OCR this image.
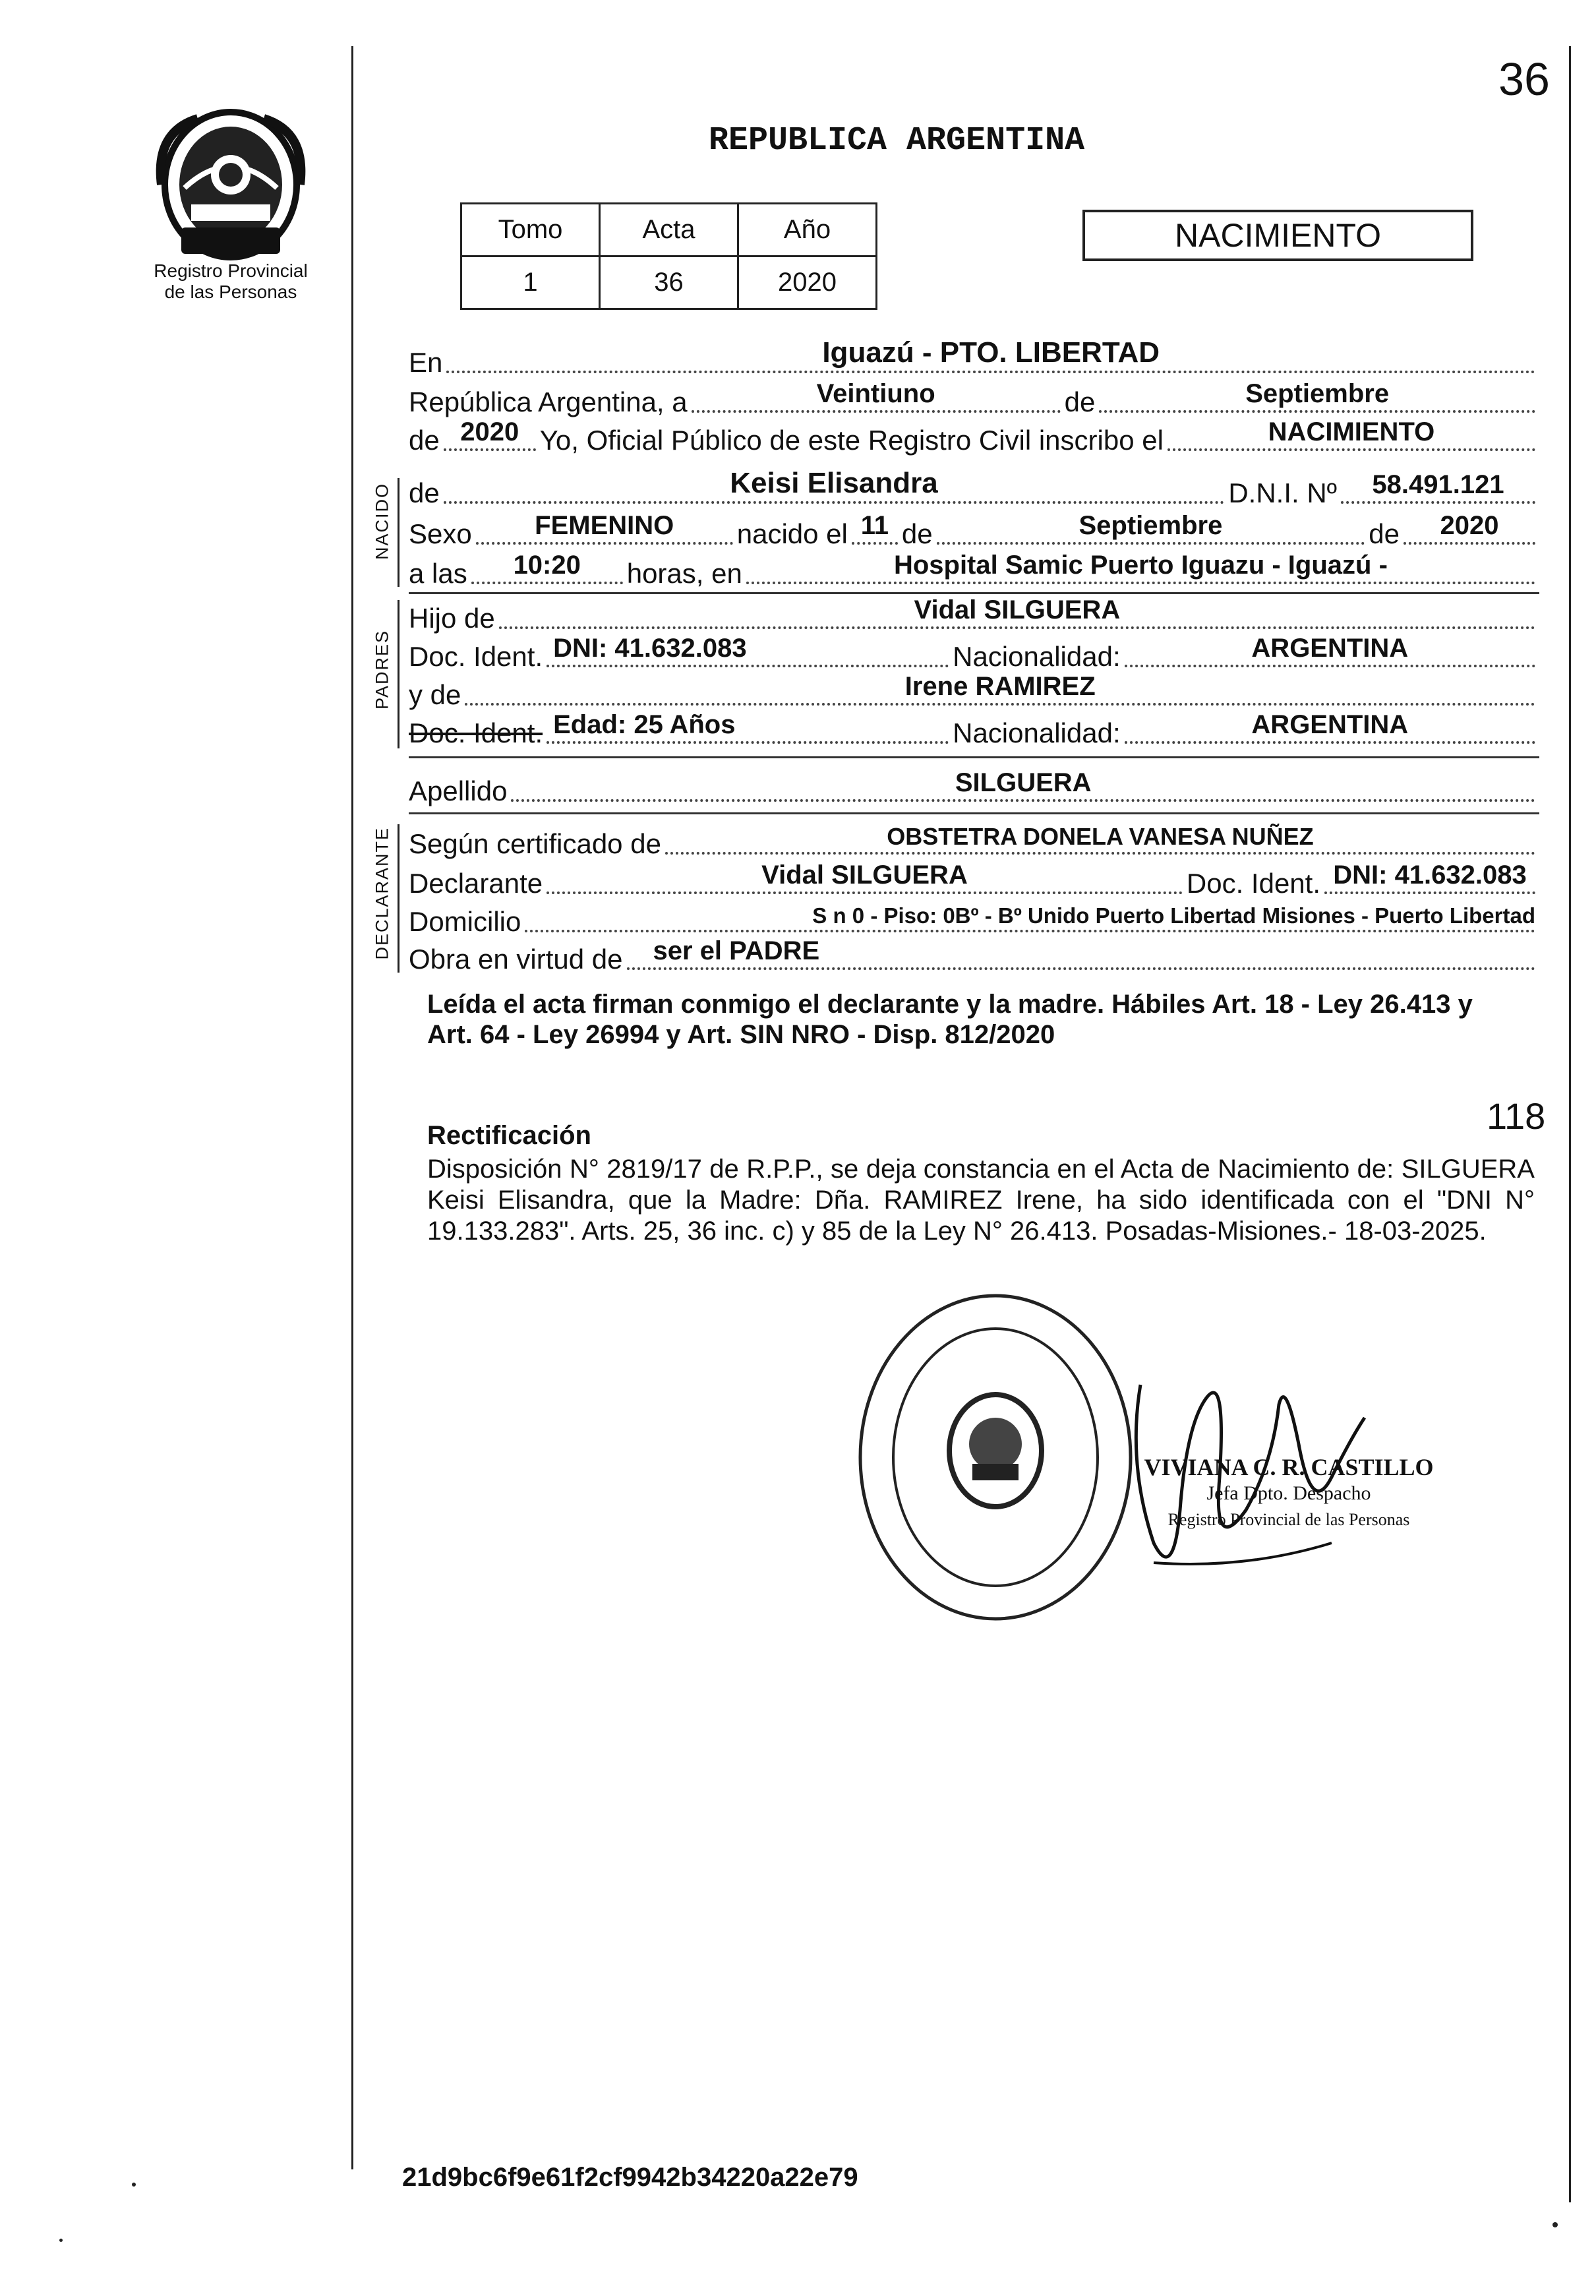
36
Registro Provincial
de las Personas
REPUBLICA ARGENTINA
Tomo	Acta	Año
1	36	2020
NACIMIENTO
En	Iguazú - PTO. LIBERTAD
República Argentina, a	Veintiuno	de	Septiembre
de 2020 Yo, Oficial Público de este Registro Civil inscribo el	NACIMIENTO
NACIDO de	Keisi Elisandra	D.N.I. Nº 58.491.121
Sexo FEMENINO nacido el 11 de	Septiembre	de 2020
a las 10:20 horas, en	Hospital Samic Puerto Iguazu - Iguazú -
PADRES
Hijo de	Vidal SILGUERA
Doc. Ident. DNI: 41.632.083	Nacionalidad:	ARGENTINA
y de	Irene RAMIREZ
Doc. Ident. Edad: 25 Años	Nacionalidad:	ARGENTINA
Apellido	SILGUERA
DECLARANTE Según certificado de	OBSTETRA DONELA VANESA NUÑEZ
Declarante	Vidal SILGUERA	Doc. Ident. DNI: 41.632.083
Domicilio	S n 0 - Piso: 0Bº - Bº Unido Puerto Libertad Misiones - Puerto Libertad
Obra en virtud de ser el PADRE
Leída el acta firman conmigo el declarante y la madre. Hábiles Art. 18 - Ley 26.413 y Art. 64 - Ley 26994 y Art. SIN NRO - Disp. 812/2020
118
Rectificación
Disposición N° 2819/17 de R.P.P., se deja constancia en el Acta de Nacimiento de: SILGUERA Keisi Elisandra, que la Madre: Dña. RAMIREZ Irene, ha sido identificada con el "DNI N° 19.133.283". Arts. 25, 36 inc. c) y 85 de la Ley N° 26.413. Posadas-Misiones.- 18-03-2025.
VIVIANA C. R. CASTILLO
Jefa Dpto. Despacho
Registro Provincial de las Personas
21d9bc6f9e61f2cf9942b34220a22e79
